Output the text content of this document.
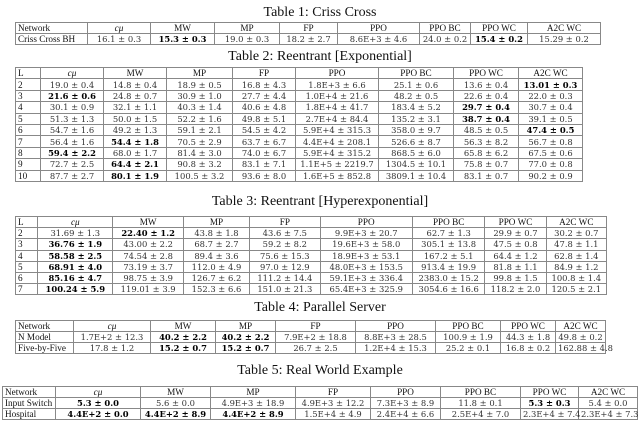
Table 1: Criss Cross
Network	cμ	MW	MP	FP	PPO	PPO BC	PPO WC	A2C WC
Criss Cross BH	16.1 ± 0.3	15.3 ± 0.3	19.0 ± 0.3	18.2 ± 2.7	8.6E+3 ± 4.6	24.0 ± 0.2	15.4 ± 0.2	15.29 ± 0.2
Table 2: Reentrant [Exponential]
L	cμ	MW	MP	FP	PPO	PPO BC	PPO WC	A2C WC
2	19.0 ± 0.4	14.8 ± 0.4	18.9 ± 0.5	16.8 ± 4.3	1.8E+3 ± 6.6	25.1 ± 0.6	13.6 ± 0.4	13.01 ± 0.3
3	21.6 ± 0.6	24.8 ± 0.7	30.9 ± 1.0	27.7 ± 4.4	1.0E+4 ± 21.6	48.2 ± 0.5	22.6 ± 0.4	22.0 ± 0.3
4	30.1 ± 0.9	32.1 ± 1.1	40.3 ± 1.4	40.6 ± 4.8	1.8E+4 ± 41.7	183.4 ± 5.2	29.7 ± 0.4	30.7 ± 0.4
5	51.3 ± 1.3	50.0 ± 1.5	52.2 ± 1.6	49.8 ± 5.1	2.7E+4 ± 84.4	135.2 ± 3.1	38.7 ± 0.4	39.1 ± 0.5
6	54.7 ± 1.6	49.2 ± 1.3	59.1 ± 2.1	54.5 ± 4.2	5.9E+4 ± 315.3	358.0 ± 9.7	48.5 ± 0.5	47.4 ± 0.5
7	56.4 ± 1.6	54.4 ± 1.8	70.5 ± 2.9	63.7 ± 6.7	4.4E+4 ± 208.1	526.6 ± 8.7	56.3 ± 8.2	56.7 ± 0.8
8	59.4 ± 2.2	68.0 ± 1.7	81.4 ± 3.0	74.0 ± 6.7	5.9E+4 ± 315.2	868.5 ± 6.0	65.8 ± 6.2	67.5 ± 0.6
9	72.7 ± 2.5	64.4 ± 2.1	90.8 ± 3.2	83.1 ± 7.1	1.1E+5 ± 2219.7	1304.5 ± 10.1	75.8 ± 0.7	77.0 ± 0.8
10	87.7 ± 2.7	80.1 ± 1.9	100.5 ± 3.2	93.6 ± 8.0	1.6E+5 ± 852.8	3809.1 ± 10.4	83.1 ± 0.7	90.2 ± 0.9
Table 3: Reentrant [Hyperexponential]
L	cμ	MW	MP	FP	PPO	PPO BC	PPO WC	A2C WC
2	31.69 ± 1.3	22.40 ± 1.2	43.8 ± 1.8	43.6 ± 7.5	9.9E+3 ± 20.7	62.7 ± 1.3	29.9 ± 0.7	30.2 ± 0.7
3	36.76 ± 1.9	43.00 ± 2.2	68.7 ± 2.7	59.2 ± 8.2	19.6E+3 ± 58.0	305.1 ± 13.8	47.5 ± 0.8	47.8 ± 1.1
4	58.58 ± 2.5	74.54 ± 2.8	89.4 ± 3.6	75.6 ± 15.3	18.9E+3 ± 53.1	167.2 ± 5.1	64.4 ± 1.2	62.8 ± 1.4
5	68.91 ± 4.0	73.19 ± 3.7	112.0 ± 4.9	97.0 ± 12.9	48.0E+3 ± 153.5	913.4 ± 19.9	81.8 ± 1.1	84.9 ± 1.2
6	85.16 ± 4.7	98.75 ± 3.9	126.7 ± 6.2	111.2 ± 14.4	59.1E+3 ± 336.4	2383.0 ± 15.2	99.8 ± 1.5	100.8 ± 1.4
7	100.24 ± 5.9	119.01 ± 3.9	152.3 ± 6.6	151.0 ± 21.3	65.4E+3 ± 325.9	3054.6 ± 16.6	118.2 ± 2.0	120.5 ± 2.1
Table 4: Parallel Server
Network	cμ	MW	MP	FP	PPO	PPO BC	PPO WC	A2C WC
N Model	1.7E+2 ± 12.3	40.2 ± 2.2	40.2 ± 2.2	7.9E+2 ± 18.8	8.8E+3 ± 28.5	100.9 ± 1.9	44.3 ± 1.8	49.8 ± 0.2
Five-by-Five	17.8 ± 1.2	15.2 ± 0.7	15.2 ± 0.7	26.7 ± 2.5	1.2E+4 ± 15.3	25.2 ± 0.1	16.8 ± 0.2	162.88 ± 4.8
Table 5: Real World Example
Network	cμ	MW	MP	FP	PPO	PPO BC	PPO WC	A2C WC
Input Switch	5.3 ± 0.0	5.6 ± 0.0	4.9E+3 ± 18.9	4.9E+3 ± 12.2	7.3E+3 ± 8.9	11.8 ± 0.1	5.3 ± 0.3	5.4 ± 0.0
Hospital	4.4E+2 ± 0.0	4.4E+2 ± 8.9	4.4E+2 ± 8.9	1.5E+4 ± 4.9	2.4E+4 ± 6.6	2.5E+4 ± 7.0	2.3E+4 ± 7.4	2.3E+4 ± 7.3
